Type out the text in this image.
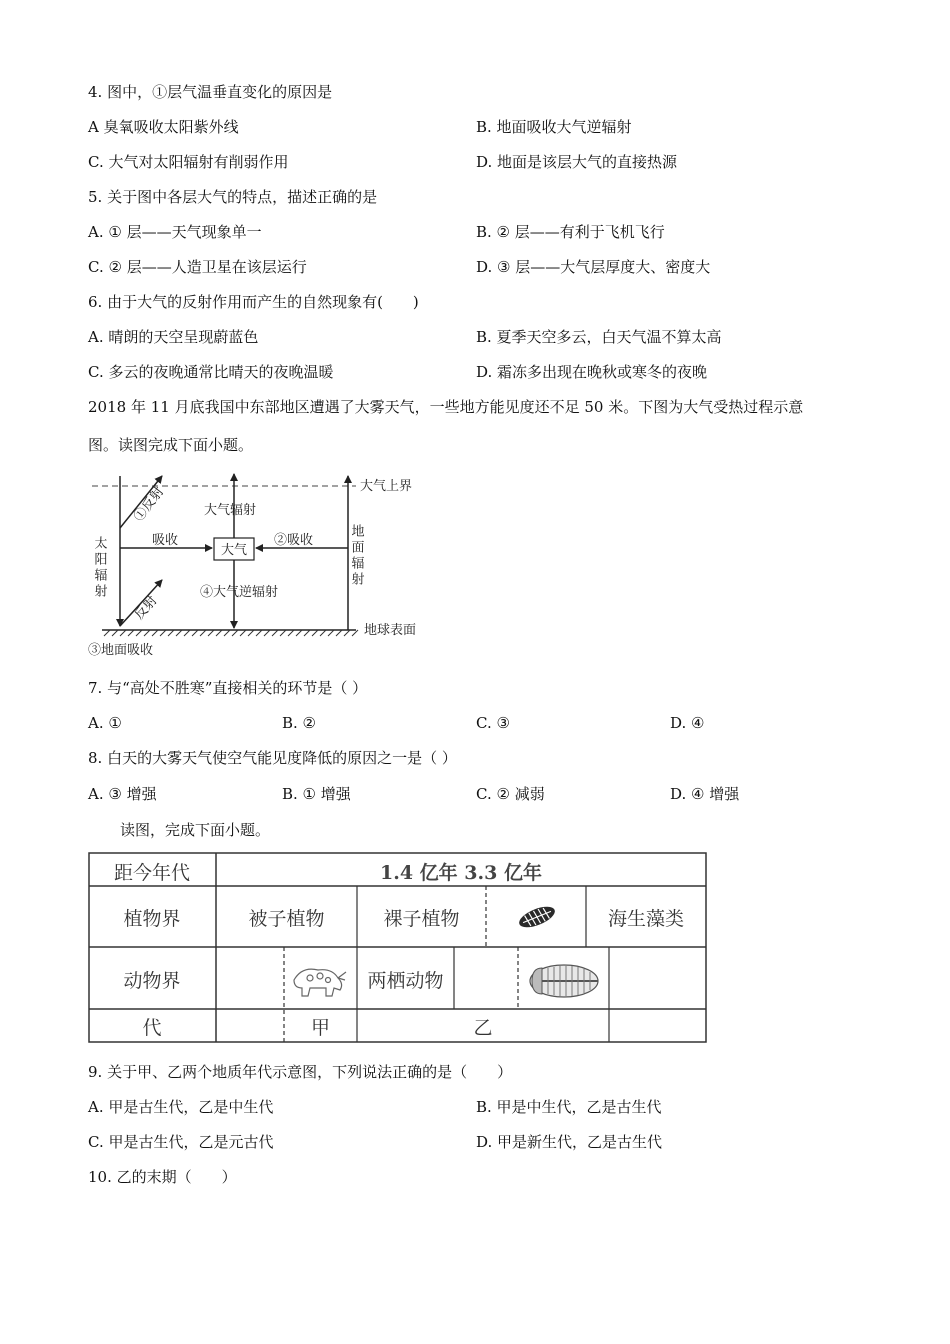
4. 图中，①层气温垂直变化的原因是
A 臭氧吸收太阳紫外线	B. 地面吸收大气逆辐射
C. 大气对太阳辐射有削弱作用	D. 地面是该层大气的直接热源
5. 关于图中各层大气的特点，描述正确的是
A. ① 层——天气现象单一	B. ② 层——有利于飞机飞行
C. ② 层——人造卫星在该层运行	D. ③ 层——大气层厚度大、密度大
6. 由于大气的反射作用而产生的自然现象有(　　)
A. 晴朗的天空呈现蔚蓝色	B. 夏季天空多云，白天气温不算太高
C. 多云的夜晚通常比晴天的夜晚温暖	D. 霜冻多出现在晚秋或寒冬的夜晚
2018 年 11 月底我国中东部地区遭遇了大雾天气，一些地方能见度还不足 50 米。下图为大气受热过程示意
图。读图完成下面小题。
大气上界
地球表面
①反射
反射
太阳辐射	地面辐射
吸收	②吸收
大气
大气辐射
④大气逆辐射
③地面吸收
7. 与“高处不胜寒”直接相关的环节是（ ）
A. ①	B. ②	C. ③	D. ④
8. 白天的大雾天气使空气能见度降低的原因之一是（ ）
A. ③ 增强	B. ① 增强	C. ② 减弱	D. ④ 增强
读图，完成下面小题。
距今年代	1.4 亿年 3.3 亿年
植物界	被子植物	裸子植物	海生藻类
动物界	两栖动物
代	甲	乙
9. 关于甲、乙两个地质年代示意图，下列说法正确的是（　　）
A. 甲是古生代，乙是中生代	B. 甲是中生代，乙是古生代
C. 甲是古生代，乙是元古代	D. 甲是新生代，乙是古生代
10. 乙的末期（　　）
